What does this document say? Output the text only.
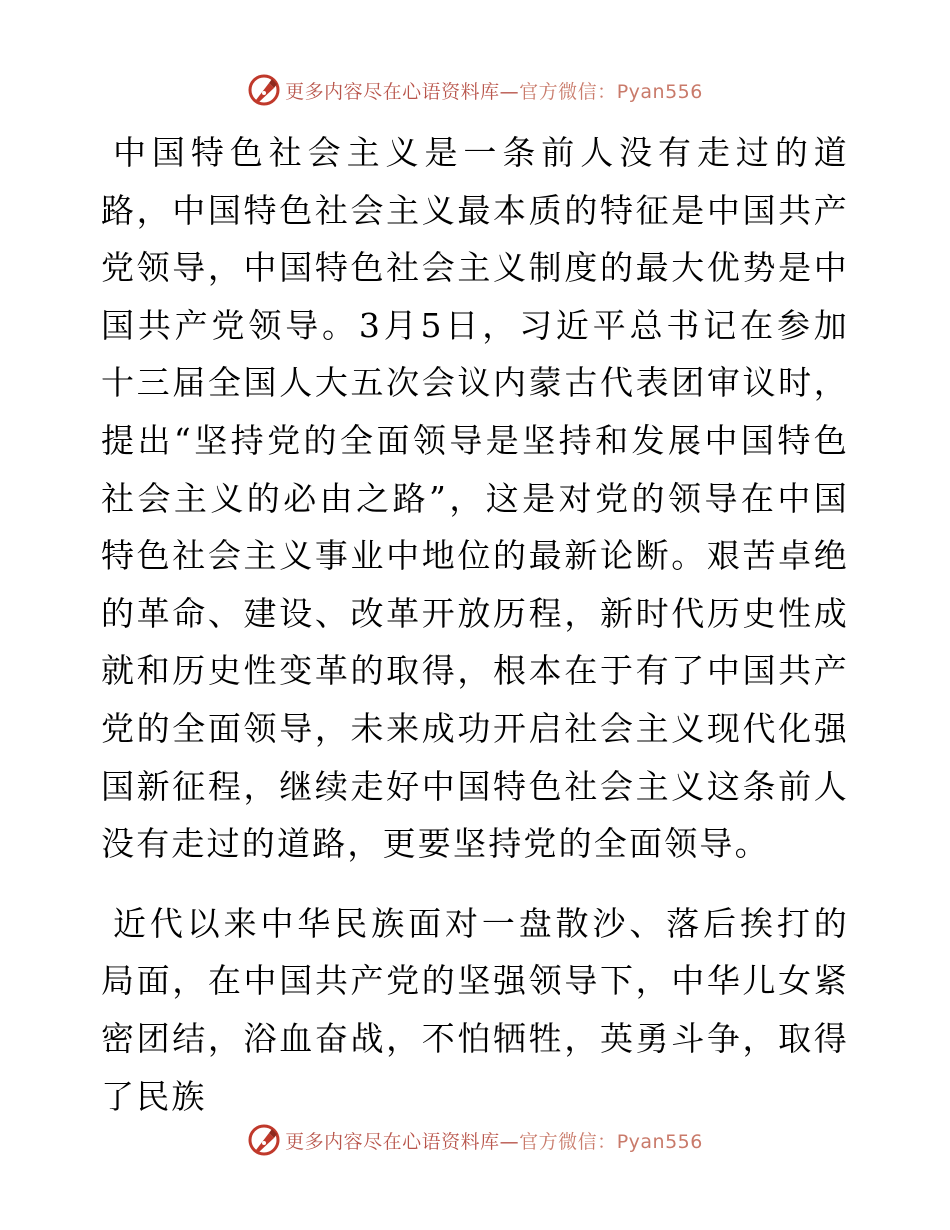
更多内容尽在心语资料库—官方微信：Pyan556

中国特色社会主义是一条前人没有走过的道路，中国特色社会主义最本质的特征是中国共产党领导，中国特色社会主义制度的最大优势是中国共产党领导。3月5日，习近平总书记在参加十三届全国人大五次会议内蒙古代表团审议时，提出“坚持党的全面领导是坚持和发展中国特色社会主义的必由之路”，这是对党的领导在中国特色社会主义事业中地位的最新论断。艰苦卓绝的革命、建设、改革开放历程，新时代历史性成就和历史性变革的取得，根本在于有了中国共产党的全面领导，未来成功开启社会主义现代化强国新征程，继续走好中国特色社会主义这条前人没有走过的道路，更要坚持党的全面领导。

近代以来中华民族面对一盘散沙、落后挨打的局面，在中国共产党的坚强领导下，中华儿女紧密团结，浴血奋战，不怕牺牲，英勇斗争，取得了民族

更多内容尽在心语资料库—官方微信：Pyan556
